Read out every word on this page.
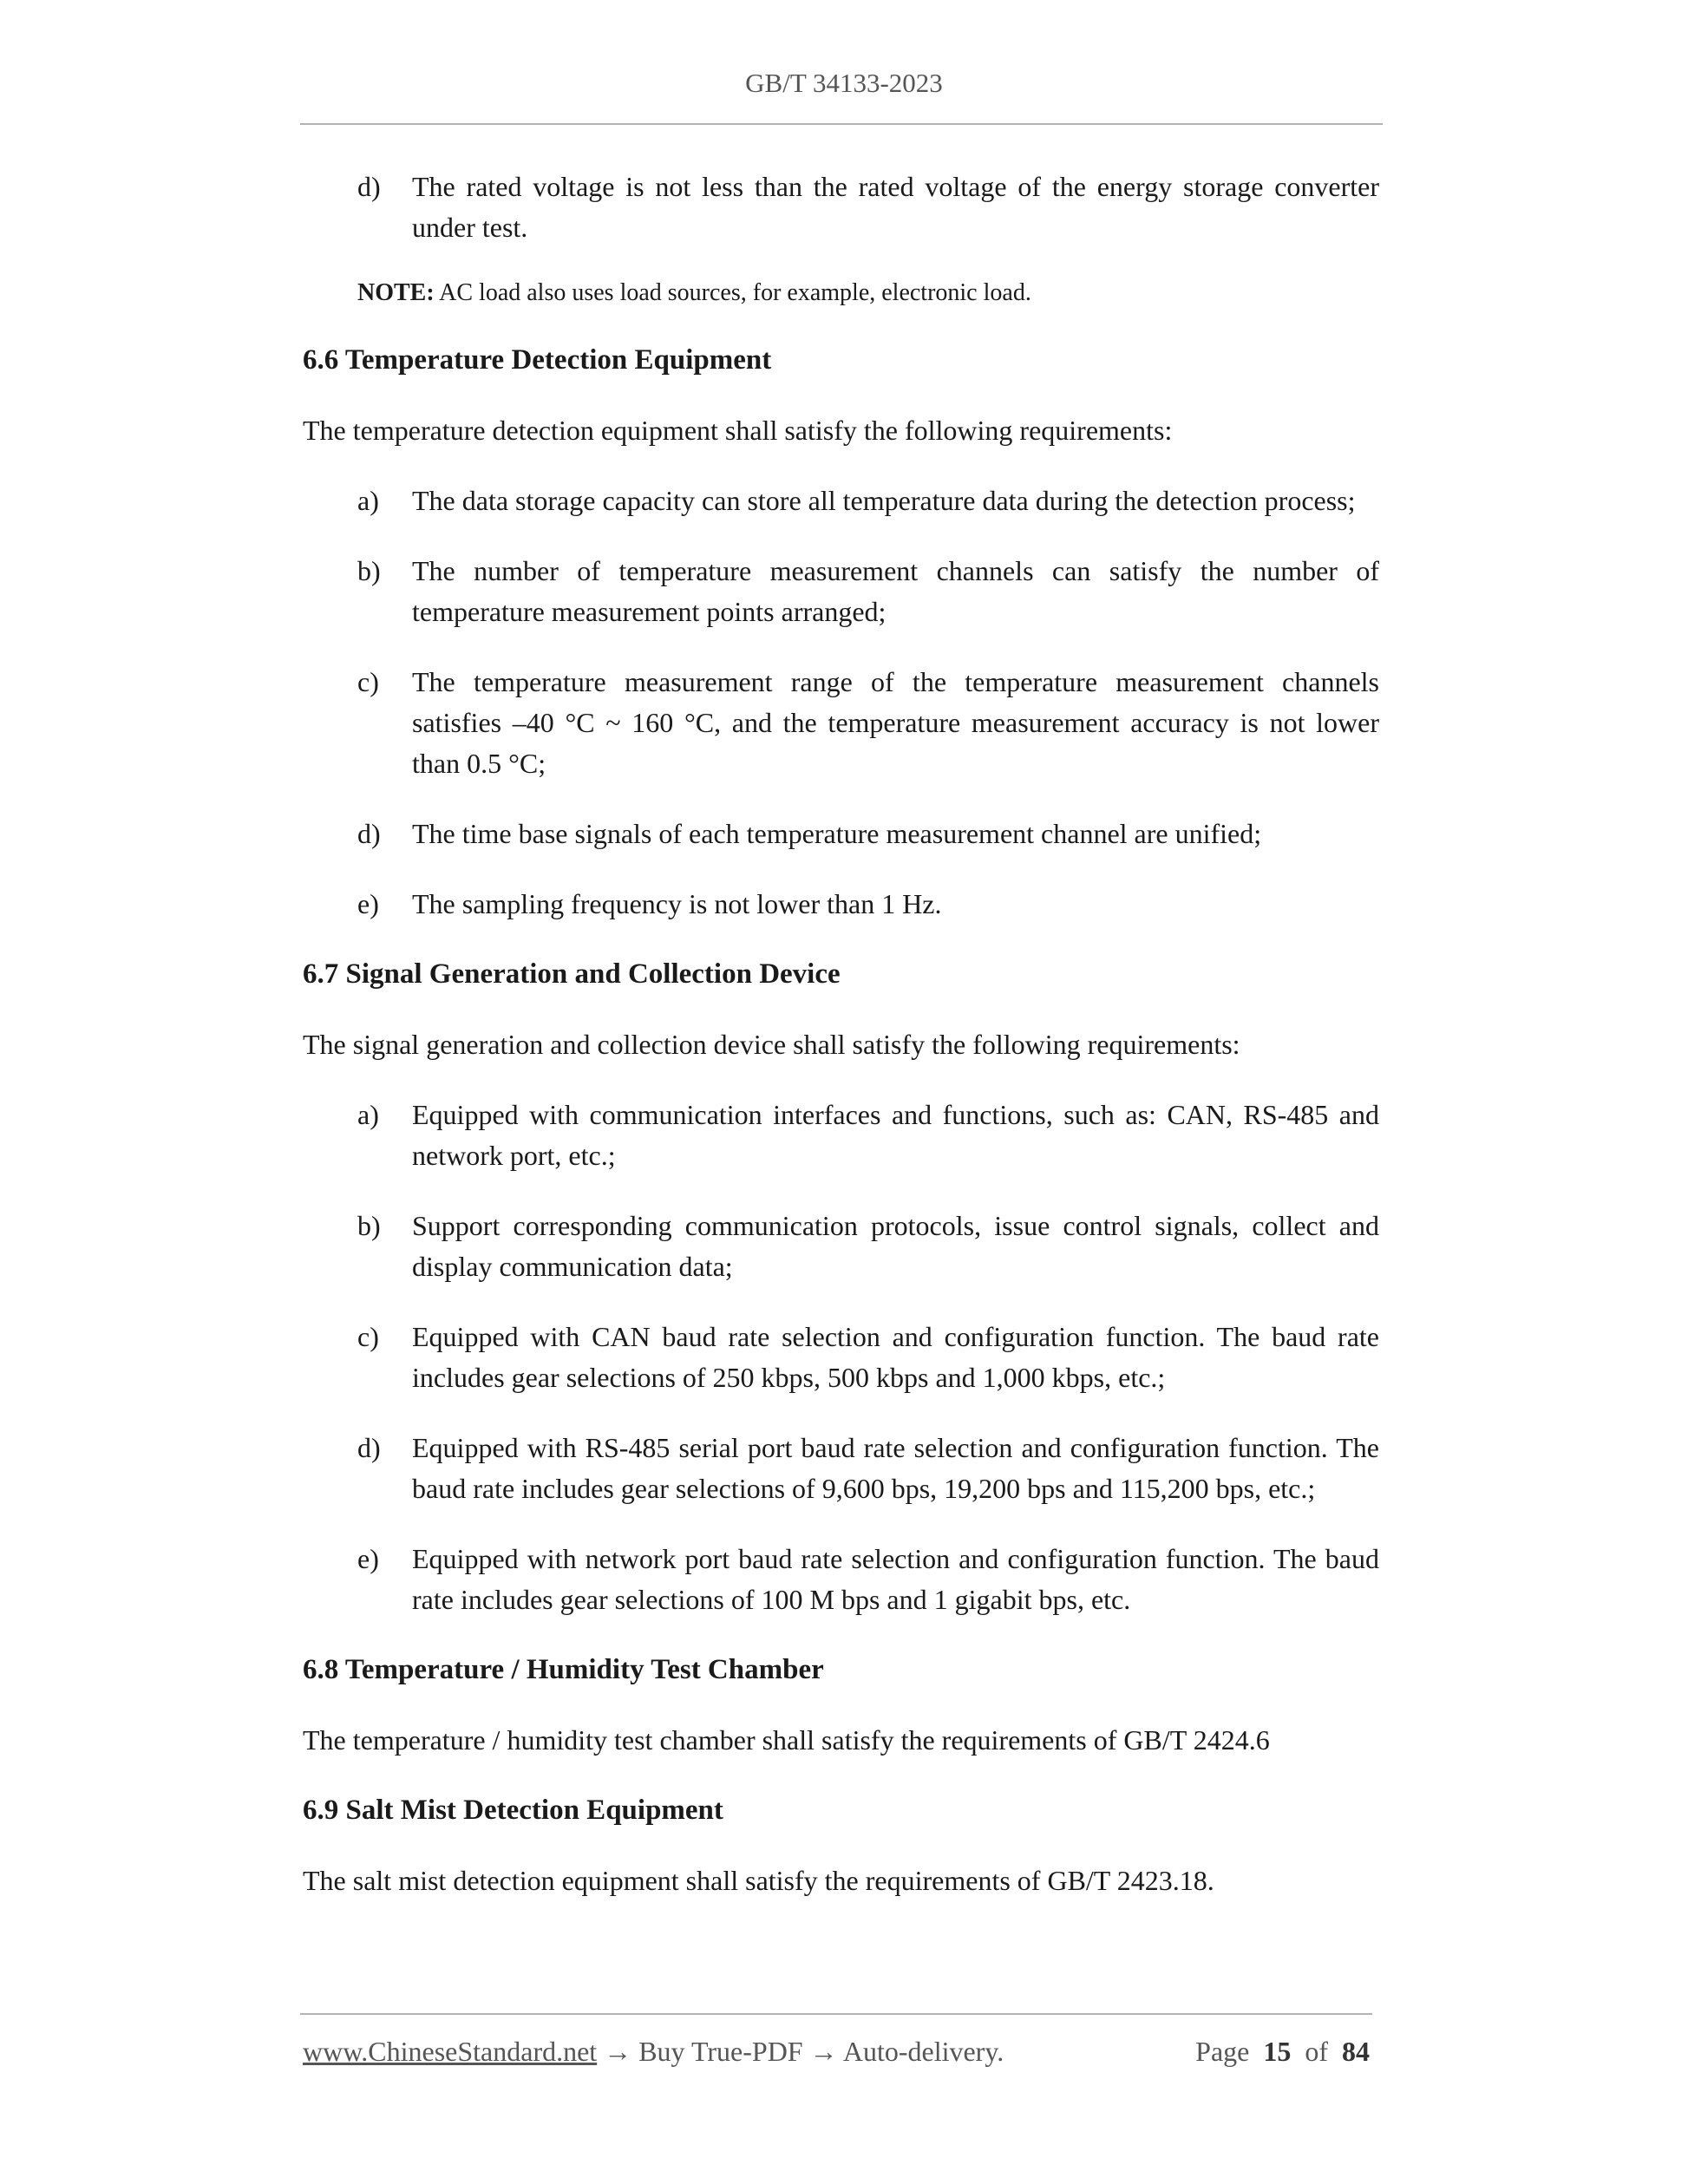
GB/T 34133-2023
d)	The rated voltage is not less than the rated voltage of the energy storage converter under test.
NOTE: AC load also uses load sources, for example, electronic load.
6.6 Temperature Detection Equipment
The temperature detection equipment shall satisfy the following requirements:
a)	The data storage capacity can store all temperature data during the detection process;
b)	The number of temperature measurement channels can satisfy the number of temperature measurement points arranged;
c)	The temperature measurement range of the temperature measurement channels satisfies –40 °C ~ 160 °C, and the temperature measurement accuracy is not lower than 0.5 °C;
d)	The time base signals of each temperature measurement channel are unified;
e)	The sampling frequency is not lower than 1 Hz.
6.7 Signal Generation and Collection Device
The signal generation and collection device shall satisfy the following requirements:
a)	Equipped with communication interfaces and functions, such as: CAN, RS-485 and network port, etc.;
b)	Support corresponding communication protocols, issue control signals, collect and display communication data;
c)	Equipped with CAN baud rate selection and configuration function. The baud rate includes gear selections of 250 kbps, 500 kbps and 1,000 kbps, etc.;
d)	Equipped with RS-485 serial port baud rate selection and configuration function. The baud rate includes gear selections of 9,600 bps, 19,200 bps and 115,200 bps, etc.;
e)	Equipped with network port baud rate selection and configuration function. The baud rate includes gear selections of 100 M bps and 1 gigabit bps, etc.
6.8 Temperature / Humidity Test Chamber
The temperature / humidity test chamber shall satisfy the requirements of GB/T 2424.6
6.9 Salt Mist Detection Equipment
The salt mist detection equipment shall satisfy the requirements of GB/T 2423.18.
www.ChineseStandard.net → Buy True-PDF → Auto-delivery.	Page 15 of 84
